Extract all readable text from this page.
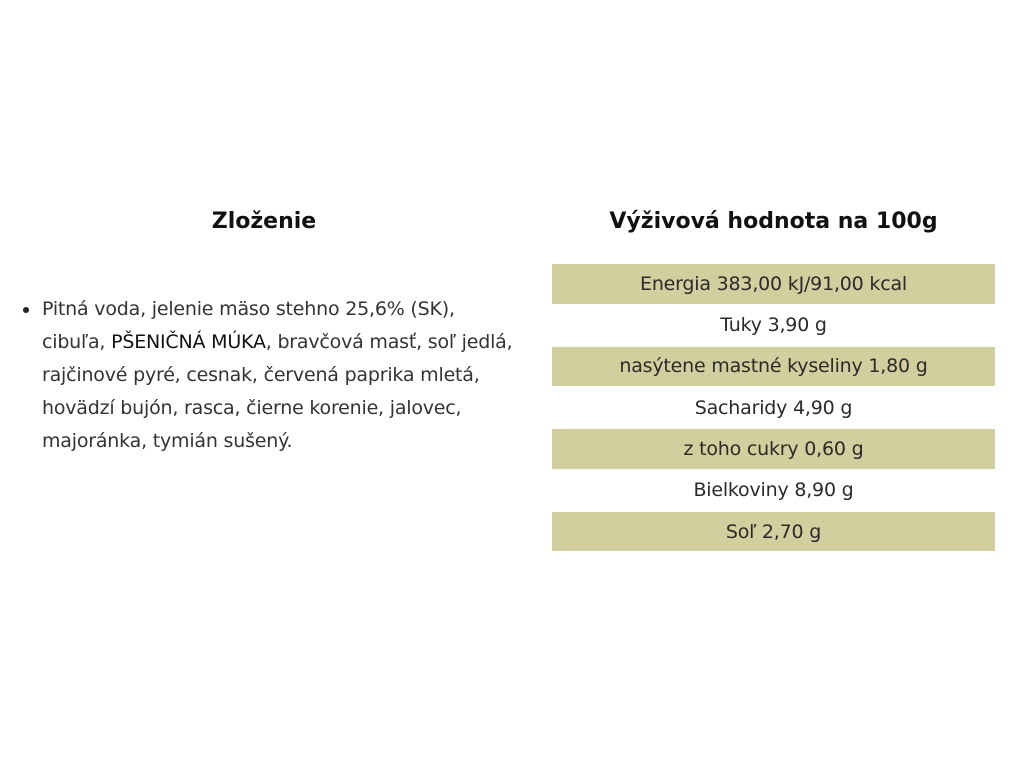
Zloženie
Pitná voda, jelenie mäso stehno 25,6% (SK), cibuľa, PŠENIČNÁ MÚKA, bravčová masť, soľ jedlá, rajčinové pyré, cesnak, červená paprika mletá, hovädzí bujón, rasca, čierne korenie, jalovec, majoránka, tymián sušený.
Výživová hodnota na 100g
Energia 383,00 kJ/91,00 kcal
Tuky 3,90 g
nasýtene mastné kyseliny 1,80 g
Sacharidy 4,90 g
z toho cukry 0,60 g
Bielkoviny 8,90 g
Soľ 2,70 g
